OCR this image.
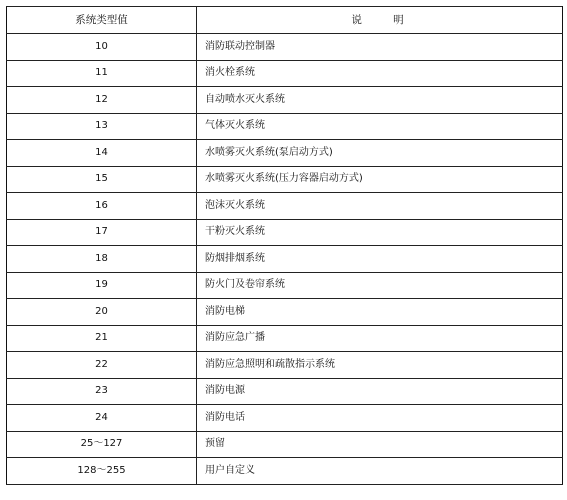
系统类型值	说 明
10	消防联动控制器
11	消火栓系统
12	自动喷水灭火系统
13	气体灭火系统
14	水喷雾灭火系统(泵启动方式)
15	水喷雾灭火系统(压力容器启动方式)
16	泡沫灭火系统
17	干粉灭火系统
18	防烟排烟系统
19	防火门及卷帘系统
20	消防电梯
21	消防应急广播
22	消防应急照明和疏散指示系统
23	消防电源
24	消防电话
25～127	预留
128～255	用户自定义
